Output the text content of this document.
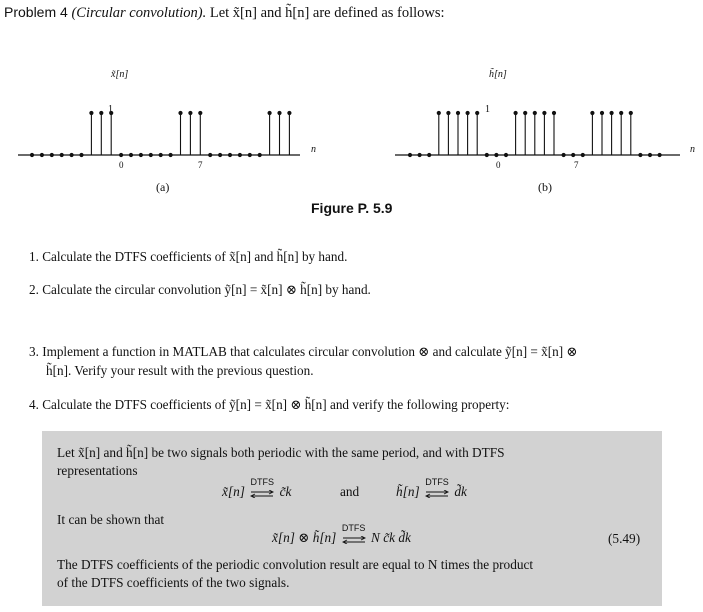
Problem 4 (Circular convolution). Let x̃[n] and h̃[n] are defined as follows:
x̃[n]
1
0	7
n
(a)
h̃[n]
1
0	7
n
(b)
Figure P. 5.9
1. Calculate the DTFS coefficients of x̃[n] and h̃[n] by hand.
2. Calculate the circular convolution ỹ[n] = x̃[n] ⊗ h̃[n] by hand.
3. Implement a function in MATLAB that calculates circular convolution ⊗ and calculate ỹ[n] = x̃[n] ⊗
h̃[n]. Verify your result with the previous question.
4. Calculate the DTFS coefficients of ỹ[n] = x̃[n] ⊗ h̃[n] and verify the following property:
Let x̃[n] and h̃[n] be two signals both periodic with the same period, and with DTFS
representations
x̃[n]
DTFS
c̃k	and	h̃[n]
DTFS
d̃k
It can be shown that
x̃[n] ⊗ h̃[n]
DTFS
N c̃k d̃k	(5.49)
The DTFS coefficients of the periodic convolution result are equal to N times the product
of the DTFS coefficients of the two signals.
